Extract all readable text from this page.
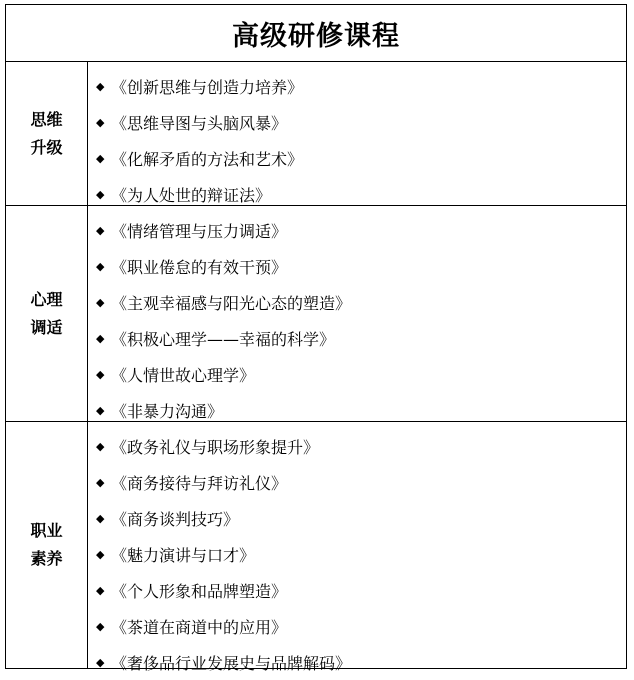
高级研修课程
思维升级
◆ 《创新思维与创造力培养》
◆ 《思维导图与头脑风暴》
◆ 《化解矛盾的方法和艺术》
◆ 《为人处世的辩证法》
心理调适
◆ 《情绪管理与压力调适》
◆ 《职业倦怠的有效干预》
◆ 《主观幸福感与阳光心态的塑造》
◆ 《积极心理学——幸福的科学》
◆ 《人情世故心理学》
◆ 《非暴力沟通》
职业素养
◆ 《政务礼仪与职场形象提升》
◆ 《商务接待与拜访礼仪》
◆ 《商务谈判技巧》
◆ 《魅力演讲与口才》
◆ 《个人形象和品牌塑造》
◆ 《茶道在商道中的应用》
◆ 《奢侈品行业发展史与品牌解码》
